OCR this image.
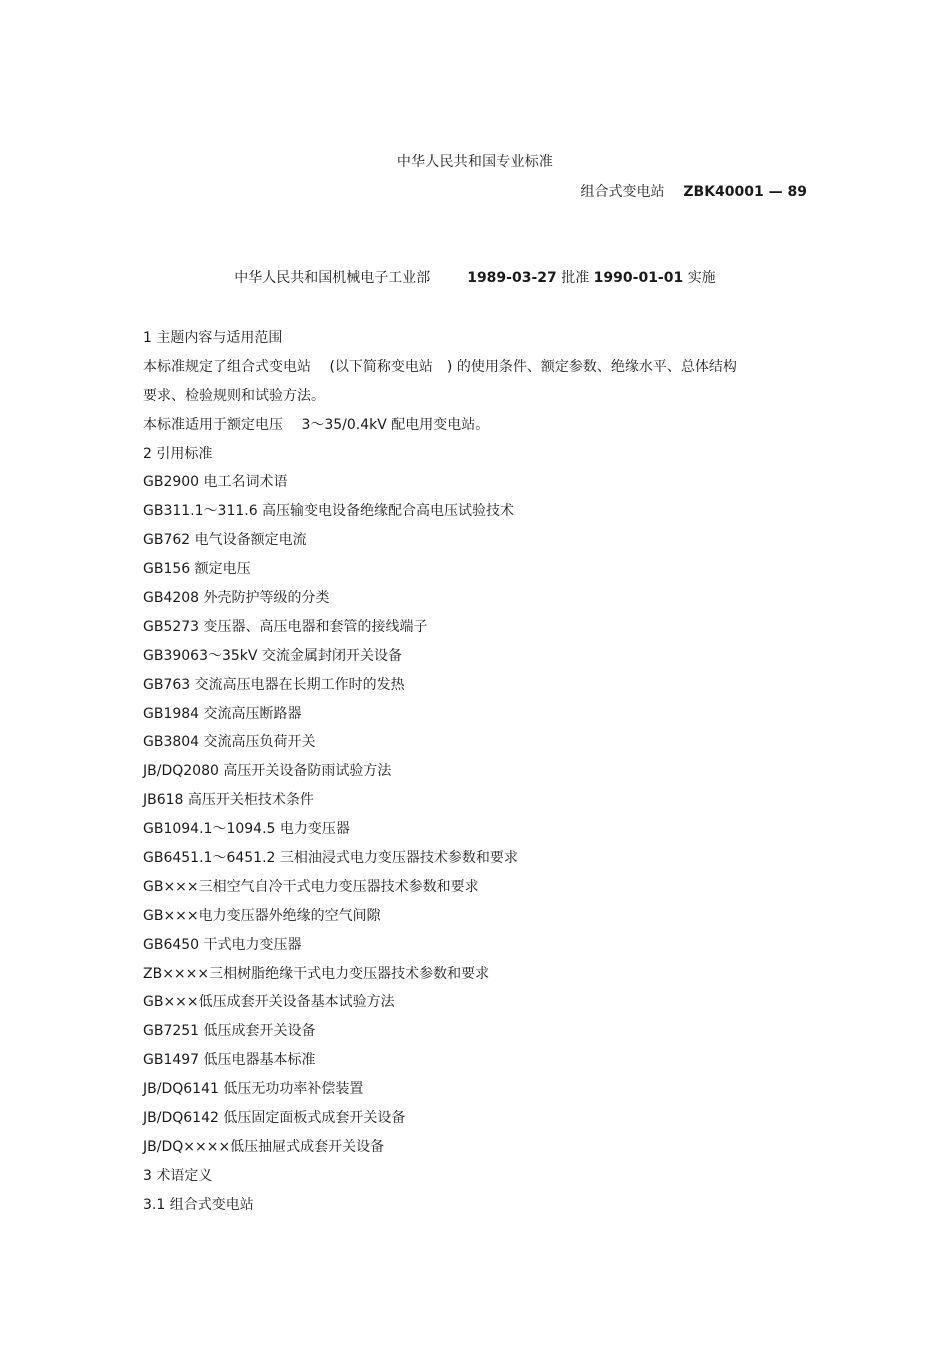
中华人民共和国专业标准
组合式变电站 ZBK40001 — 89
中华人民共和国机械电子工业部	1989-03-27 批准 1990-01-01 实施
1 主题内容与适用范围
本标准规定了组合式变电站　 (以下简称变电站　) 的使用条件、额定参数、绝缘水平、总体结构
要求、检验规则和试验方法。
本标准适用于额定电压　 3～35/0.4kV 配电用变电站。
2 引用标准
GB2900 电工名词术语
GB311.1～311.6 高压输变电设备绝缘配合高电压试验技术
GB762 电气设备额定电流
GB156 额定电压
GB4208 外壳防护等级的分类
GB5273 变压器、高压电器和套管的接线端子
GB39063～35kV 交流金属封闭开关设备
GB763 交流高压电器在长期工作时的发热
GB1984 交流高压断路器
GB3804 交流高压负荷开关
JB/DQ2080 高压开关设备防雨试验方法
JB618 高压开关柜技术条件
GB1094.1～1094.5 电力变压器
GB6451.1～6451.2 三相油浸式电力变压器技术参数和要求
GB×××三相空气自冷干式电力变压器技术参数和要求
GB×××电力变压器外绝缘的空气间隙
GB6450 干式电力变压器
ZB××××三相树脂绝缘干式电力变压器技术参数和要求
GB×××低压成套开关设备基本试验方法
GB7251 低压成套开关设备
GB1497 低压电器基本标准
JB/DQ6141 低压无功功率补偿装置
JB/DQ6142 低压固定面板式成套开关设备
JB/DQ××××低压抽屉式成套开关设备
3 术语定义
3.1 组合式变电站
